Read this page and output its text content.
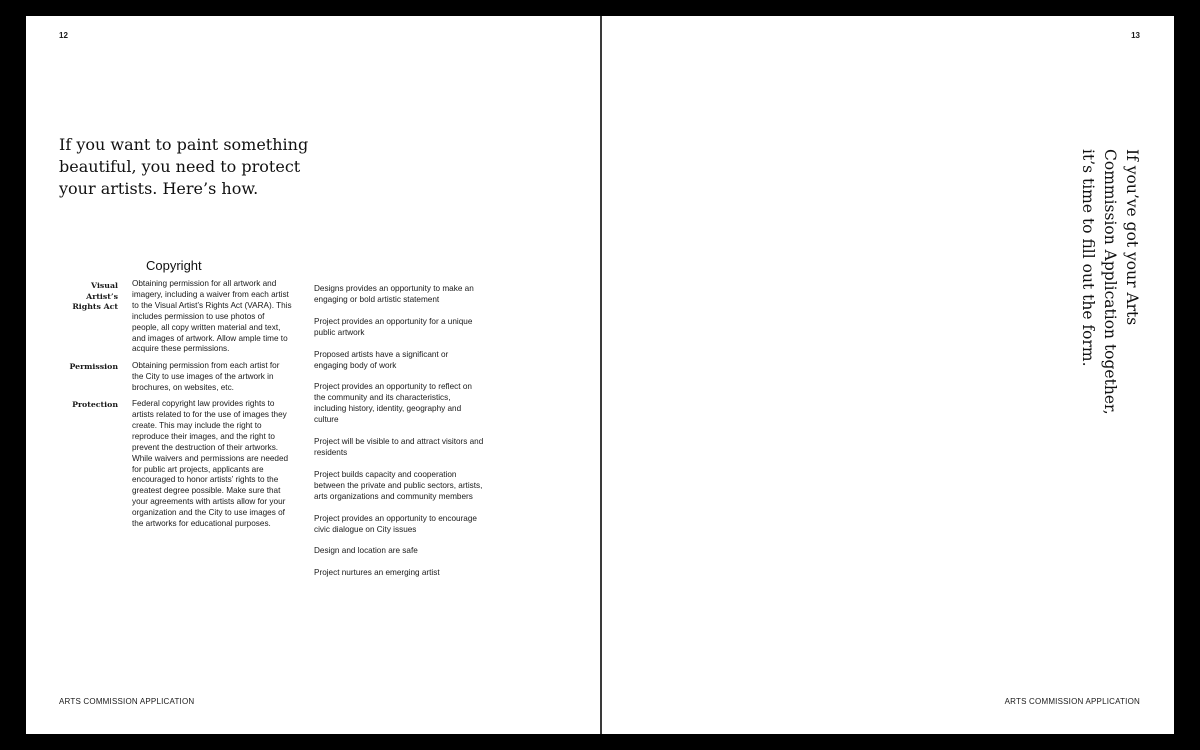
12
If you want to paint something beautiful, you need to protect your artists. Here’s how.
Copyright
Visual Artist’s Rights Act
Obtaining permission for all artwork and imagery, including a waiver from each artist to the Visual Artist’s Rights Act (VARA). This includes permission to use photos of people, all copy written material and text, and images of artwork. Allow ample time to acquire these permissions.
Permission	Obtaining permission from each artist for the City to use images of the artwork in brochures, on websites, etc.
Protection	Federal copyright law provides rights to artists related to for the use of images they create. This may include the right to reproduce their images, and the right to prevent the destruction of their artworks. While waivers and permissions are needed for public art projects, applicants are encouraged to honor artists’ rights to the greatest degree possible. Make sure that your agreements with artists allow for your organization and the City to use images of the artworks for educational purposes.
Designs provides an opportunity to make an engaging or bold artistic statement
Project provides an opportunity for a unique public artwork
Proposed artists have a significant or engaging body of work
Project provides an opportunity to reflect on the community and its characteristics, including history, identity, geography and culture
Project will be visible to and attract visitors and residents
Project builds capacity and cooperation between the private and public sectors, artists, arts organizations and community members
Project provides an opportunity to encourage civic dialogue on City issues
Design and location are safe
Project nurtures an emerging artist
ARTS COMMISSION APPLICATION
13
If you’ve got your Arts
Commission Application together,
it’s time to fill out the form.
ARTS COMMISSION APPLICATION
